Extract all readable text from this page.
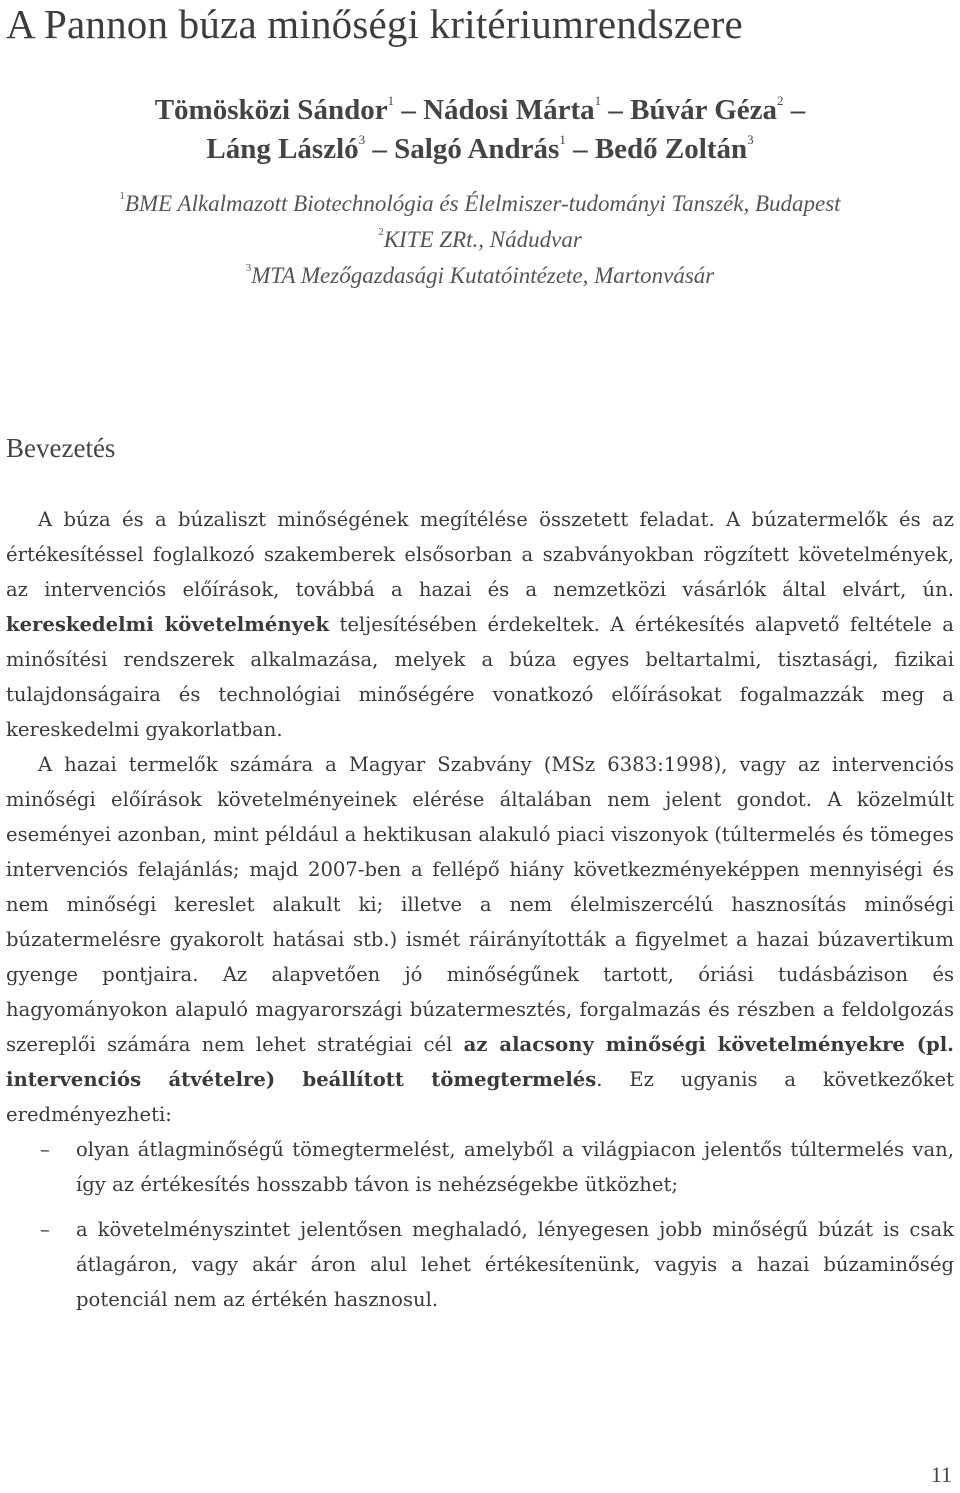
A Pannon búza minőségi kritériumrendszere
Tömösközi Sándor$^1$ – Nádosi Márta$^1$ – Búvár Géza$^2$ –
Láng László$^3$ – Salgó András$^1$ – Bedő Zoltán$^3$
$^1$BME Alkalmazott Biotechnológia és Élelmiszer-tudományi Tanszék, Budapest
$^2$KITE ZRt., Nádudvar
$^3$MTA Mezőgazdasági Kutatóintézete, Martonvásár
Bevezetés

A búza és a búzaliszt minőségének megítélése összetett feladat. A búzatermelők és az értékesítéssel foglalkozó szakemberek elsősorban a szabványokban rögzített követelmények, az intervenciós előírások, továbbá a hazai és a nemzetközi vásárlók által elvárt, ún. kereskedelmi követelmények teljesítésében érdekeltek. A értékesítés alapvető feltétele a minősítési rendszerek alkalmazása, melyek a búza egyes beltartalmi, tisztasági, fizikai tulajdonságaira és technológiai minőségére vonatkozó előírásokat fogalmazzák meg a kereskedelmi gyakorlatban.

A hazai termelők számára a Magyar Szabvány (MSz 6383:1998), vagy az intervenciós minőségi előírások követelményeinek elérése általában nem jelent gondot. A közelmúlt eseményei azonban, mint például a hektikusan alakuló piaci viszonyok (túltermelés és tömeges intervenciós felajánlás; majd 2007-ben a fellépő hiány következményeképpen mennyiségi és nem minőségi kereslet alakult ki; illetve a nem élelmiszercélú hasznosítás minőségi búzatermelésre gyakorolt hatásai stb.) ismét ráirányították a figyelmet a hazai búzavertikum gyenge pontjaira. Az alapvetően jó minőségűnek tartott, óriási tudásbázison és hagyományokon alapuló magyarországi búzatermesztés, forgalmazás és részben a feldolgozás szereplői számára nem lehet stratégiai cél az alacsony minőségi követelményekre (pl. intervenciós átvételre) beállított tömegtermelés. Ez ugyanis a következőket eredményezheti:

– olyan átlagminőségű tömegtermelést, amelyből a világpiacon jelentős túltermelés van, így az értékesítés hosszabb távon is nehézségekbe ütközhet;
– a követelményszintet jelentősen meghaladó, lényegesen jobb minőségű búzát is csak átlagáron, vagy akár áron alul lehet értékesítenünk, vagyis a hazai búzaminőség potenciál nem az értékén hasznosul.
11
